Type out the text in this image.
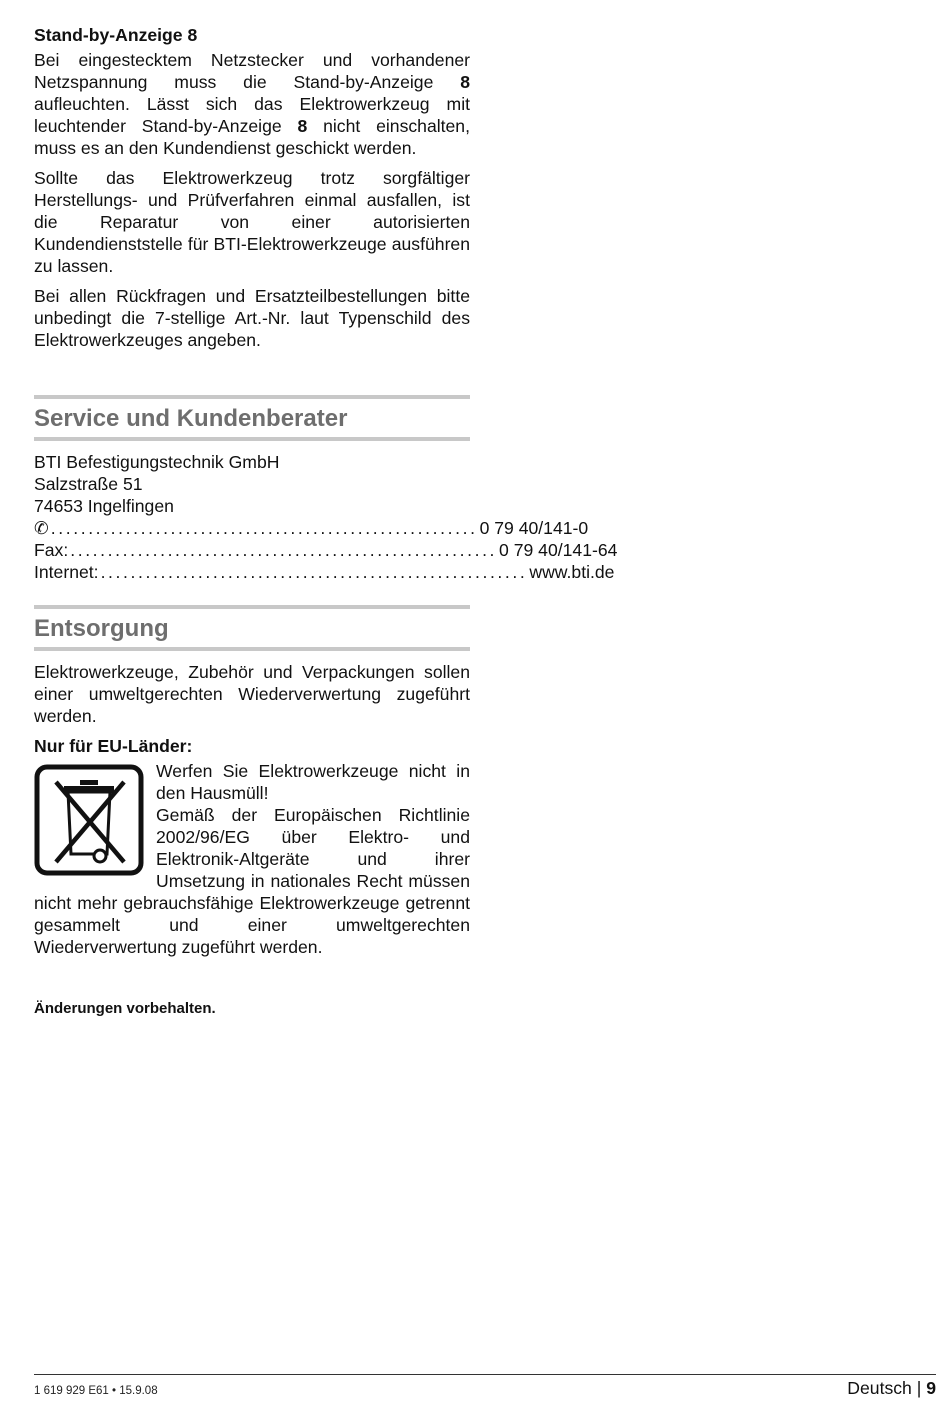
Stand-by-Anzeige 8

Bei eingestecktem Netzstecker und vorhandener Netzspannung muss die Stand-by-Anzeige 8 aufleuchten. Lässt sich das Elektrowerkzeug mit leuchtender Stand-by-Anzeige 8 nicht einschalten, muss es an den Kundendienst geschickt werden.

Sollte das Elektrowerkzeug trotz sorgfältiger Herstellungs- und Prüfverfahren einmal ausfallen, ist die Reparatur von einer autorisierten Kundendienststelle für BTI-Elektrowerkzeuge ausführen zu lassen.

Bei allen Rückfragen und Ersatzteilbestellungen bitte unbedingt die 7-stellige Art.-Nr. laut Typenschild des Elektrowerkzeuges angeben.

Service und Kundenberater
BTI Befestigungstechnik GmbH
Salzstraße 51
74653 Ingelfingen
✆ ......................................................... 0 79 40/141-0
Fax: ......................................................... 0 79 40/141-64
Internet: ......................................................... www.bti.de
Entsorgung

Elektrowerkzeuge, Zubehör und Verpackungen sollen einer umweltgerechten Wiederverwertung zugeführt werden.

Nur für EU-Länder:

Werfen Sie Elektrowerkzeuge nicht in den Hausmüll!

Gemäß der Europäischen Richtlinie 2002/96/EG über Elektro- und Elektronik-Altgeräte und ihrer Umsetzung in nationales Recht müssen nicht mehr gebrauchsfähige Elektrowerkzeuge getrennt gesammelt und einer umweltgerechten Wiederverwertung zugeführt werden.

Änderungen vorbehalten.
1 619 929 E61 • 15.9.08	Deutsch | 9
